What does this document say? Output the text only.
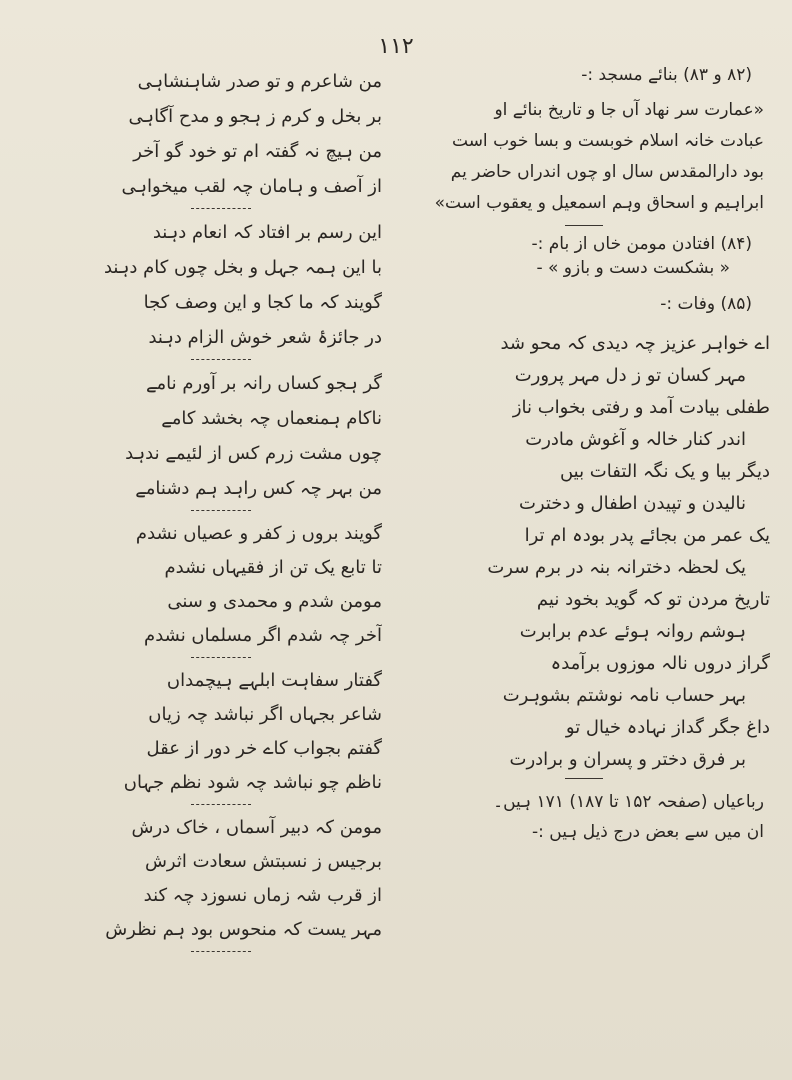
۱۱۲
(۸۲ و ۸۳) بنائے مسجد :-
«عمارت سر نهاد آں جا و تاریخ بنائے او
عبادت خانہ اسلام خوبست و بسا خوب است
بود دارالمقدس سال او چوں اندراں حاضر یم
ابراہیم و اسحاق وہم اسمعیل و یعقوب است»
(۸۴) افتادن مومن خاں از بام :-
« بشکست دست و بازو » -
(۸۵) وفات :-
اے خواہر عزیز چہ دیدی کہ محو شد
مہر کسان تو ز دل مہر پرورت
طفلی بیادت آمد و رفتی بخواب ناز
اندر کنار خالہ و آغوش مادرت
دیگر بیا و یک نگہ التفات بیں
نالیدن و تپیدن اطفال و دخترت
یک عمر من بجائے پدر بودہ ام ترا
یک لحظہ دخترانہ بنہ در برم سرت
تاریخ مردن تو کہ گوید بخود نیم
ہوشم روانہ ہوئے عدم برابرت
گراز دروں نالہ موزوں برآمدہ
بہر حساب نامہ نوشتم بشوہرت
داغ جگر گداز نہادہ خیال تو
بر فرق دختر و پسران و برادرت
رباعیاں (صفحہ ۱۵۲ تا ۱۸۷) ۱۷۱ ہیں۔
ان میں سے بعض درج ذیل ہیں :-
من شاعرم و تو صدر شاہنشاہی
بر بخل و کرم ز ہجو و مدح آگاہی
من ہیچ نہ گفتہ ام تو خود گو آخر
از آصف و ہامان چہ لقب میخواہی
این رسم بر افتاد کہ انعام دہند
با این ہمہ جہل و بخل چوں کام دہند
گویند کہ ما کجا و این وصف کجا
در جائزۂ شعر خوش الزام دہند
گر ہجو کساں رانہ بر آورم نامے
ناکام ہمنعماں چہ بخشد کامے
چوں مشت زرم کس از لئیمے ندہد
من بہر چہ کس راہد ہم دشنامے
گویند بروں ز کفر و عصیاں نشدم
تا تابع یک تن از فقیہاں نشدم
مومن شدم و محمدی و سنی
آخر چہ شدم اگر مسلماں نشدم
گفتار سفاہت ابلہے ہیچمداں
شاعر بجہاں اگر نباشد چہ زیاں
گفتم بجواب کاے خر دور از عقل
ناظم چو نباشد چہ شود نظم جہاں
مومن کہ دبیر آسماں ، خاک درش
برجیس ز نسبتش سعادت اثرش
از قرب شہ زماں نسوزد چہ کند
مہر یست کہ منحوس بود ہم نظرش
